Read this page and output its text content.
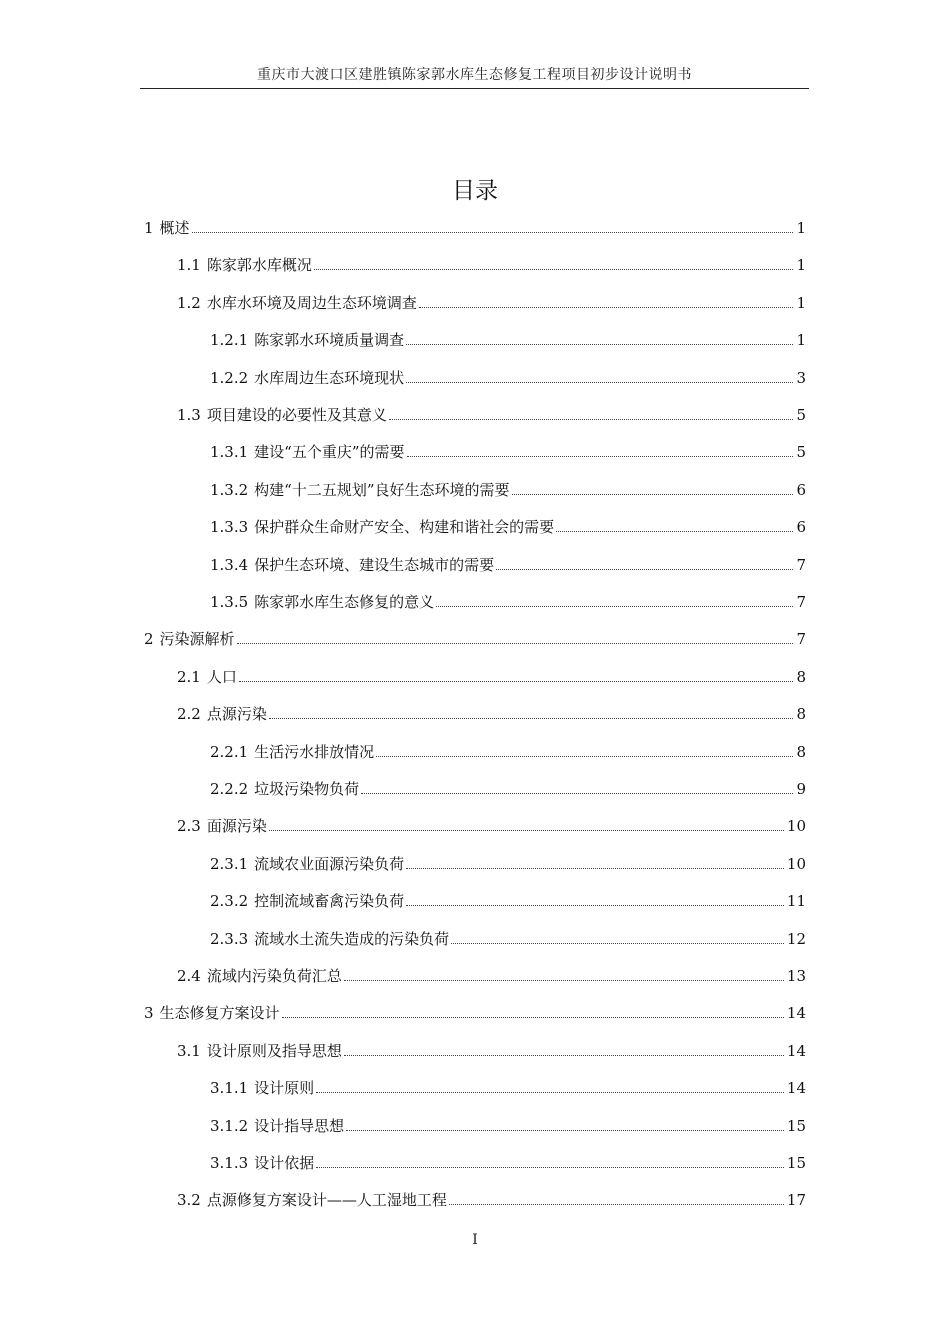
重庆市大渡口区建胜镇陈家郭水库生态修复工程项目初步设计说明书
目录
1 概述	1
1.1 陈家郭水库概况	1
1.2 水库水环境及周边生态环境调查	1
1.2.1 陈家郭水环境质量调查	1
1.2.2 水库周边生态环境现状	3
1.3 项目建设的必要性及其意义	5
1.3.1 建设“五个重庆”的需要	5
1.3.2 构建“十二五规划”良好生态环境的需要	6
1.3.3 保护群众生命财产安全、构建和谐社会的需要	6
1.3.4 保护生态环境、建设生态城市的需要	7
1.3.5 陈家郭水库生态修复的意义	7
2 污染源解析	7
2.1 人口	8
2.2 点源污染	8
2.2.1 生活污水排放情况	8
2.2.2 垃圾污染物负荷	9
2.3 面源污染	10
2.3.1 流域农业面源污染负荷	10
2.3.2 控制流域畜禽污染负荷	11
2.3.3 流域水土流失造成的污染负荷	12
2.4 流域内污染负荷汇总	13
3 生态修复方案设计	14
3.1 设计原则及指导思想	14
3.1.1 设计原则	14
3.1.2 设计指导思想	15
3.1.3 设计依据	15
3.2 点源修复方案设计——人工湿地工程	17
I
